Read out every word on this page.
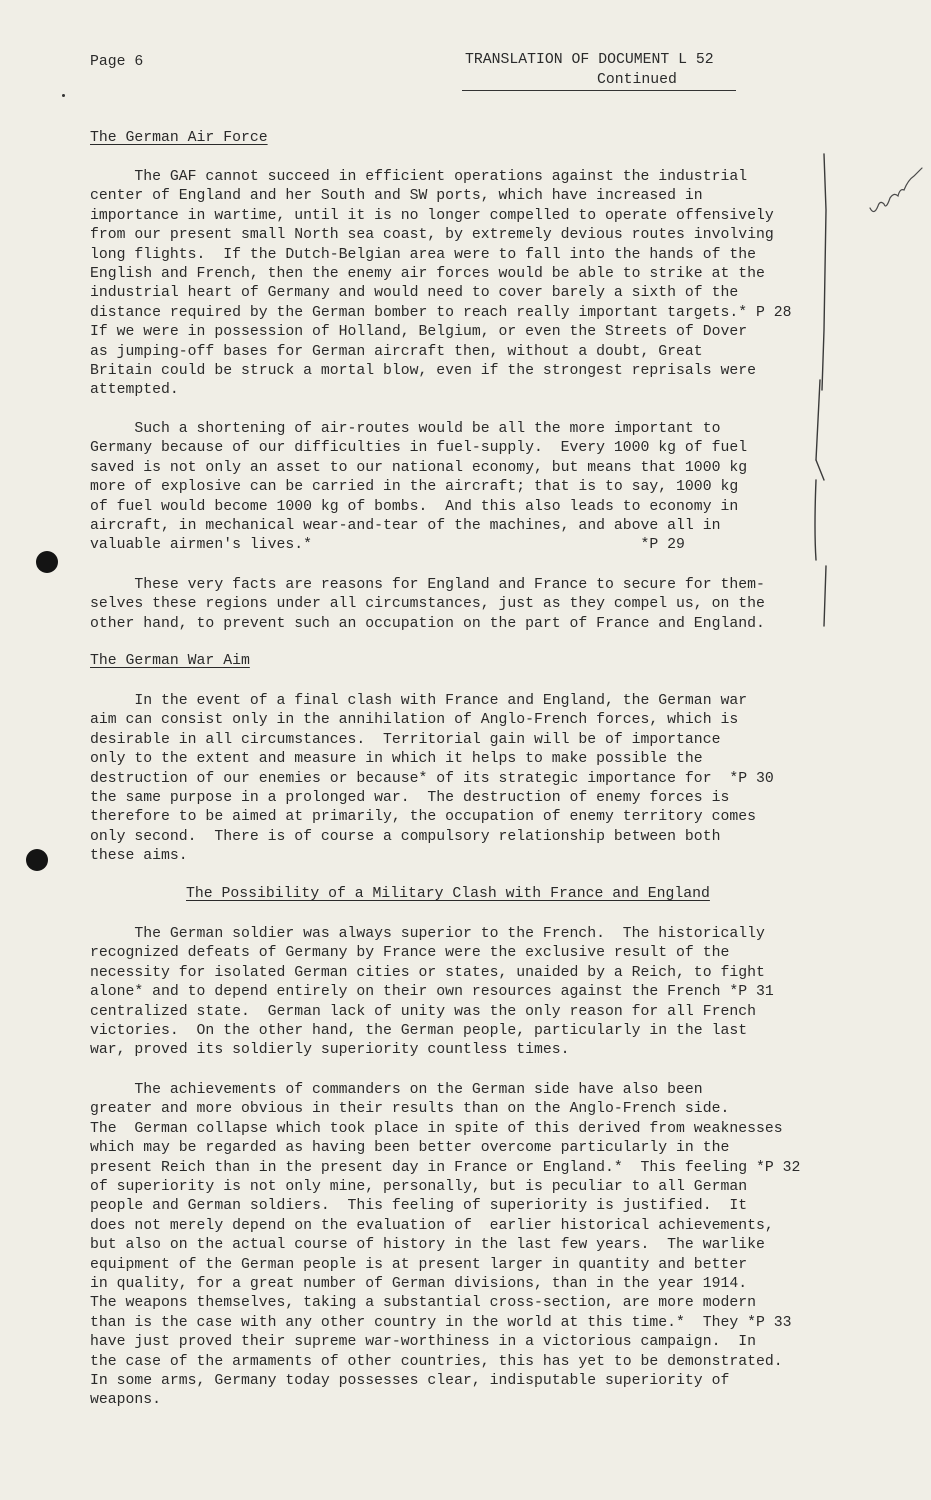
Page 6	TRANSLATION OF DOCUMENT L 52
Continued
The German Air Force
The GAF cannot succeed in efficient operations against the industrial
center of England and her South and SW ports, which have increased in
importance in wartime, until it is no longer compelled to operate offensively
from our present small North sea coast, by extremely devious routes involving
long flights.  If the Dutch-Belgian area were to fall into the hands of the
English and French, then the enemy air forces would be able to strike at the
industrial heart of Germany and would need to cover barely a sixth of the
distance required by the German bomber to reach really important targets.* P 28
If we were in possession of Holland, Belgium, or even the Streets of Dover
as jumping-off bases for German aircraft then, without a doubt, Great
Britain could be struck a mortal blow, even if the strongest reprisals were
attempted.
Such a shortening of air-routes would be all the more important to
Germany because of our difficulties in fuel-supply.  Every 1000 kg of fuel
saved is not only an asset to our national economy, but means that 1000 kg
more of explosive can be carried in the aircraft; that is to say, 1000 kg
of fuel would become 1000 kg of bombs.  And this also leads to economy in
aircraft, in mechanical wear-and-tear of the machines, and above all in
valuable airmen's lives.*                                     *P 29
These very facts are reasons for England and France to secure for them-
selves these regions under all circumstances, just as they compel us, on the
other hand, to prevent such an occupation on the part of France and England.
The German War Aim
In the event of a final clash with France and England, the German war
aim can consist only in the annihilation of Anglo-French forces, which is
desirable in all circumstances.  Territorial gain will be of importance
only to the extent and measure in which it helps to make possible the
destruction of our enemies or because* of its strategic importance for  *P 30
the same purpose in a prolonged war.  The destruction of enemy forces is
therefore to be aimed at primarily, the occupation of enemy territory comes
only second.  There is of course a compulsory relationship between both
these aims.
The Possibility of a Military Clash with France and England
The German soldier was always superior to the French.  The historically
recognized defeats of Germany by France were the exclusive result of the
necessity for isolated German cities or states, unaided by a Reich, to fight
alone* and to depend entirely on their own resources against the French *P 31
centralized state.  German lack of unity was the only reason for all French
victories.  On the other hand, the German people, particularly in the last
war, proved its soldierly superiority countless times.
The achievements of commanders on the German side have also been
greater and more obvious in their results than on the Anglo-French side.
The  German collapse which took place in spite of this derived from weaknesses
which may be regarded as having been better overcome particularly in the
present Reich than in the present day in France or England.*  This feeling *P 32
of superiority is not only mine, personally, but is peculiar to all German
people and German soldiers.  This feeling of superiority is justified.  It
does not merely depend on the evaluation of  earlier historical achievements,
but also on the actual course of history in the last few years.  The warlike
equipment of the German people is at present larger in quantity and better
in quality, for a great number of German divisions, than in the year 1914.
The weapons themselves, taking a substantial cross-section, are more modern
than is the case with any other country in the world at this time.*  They *P 33
have just proved their supreme war-worthiness in a victorious campaign.  In
the case of the armaments of other countries, this has yet to be demonstrated.
In some arms, Germany today possesses clear, indisputable superiority of
weapons.
